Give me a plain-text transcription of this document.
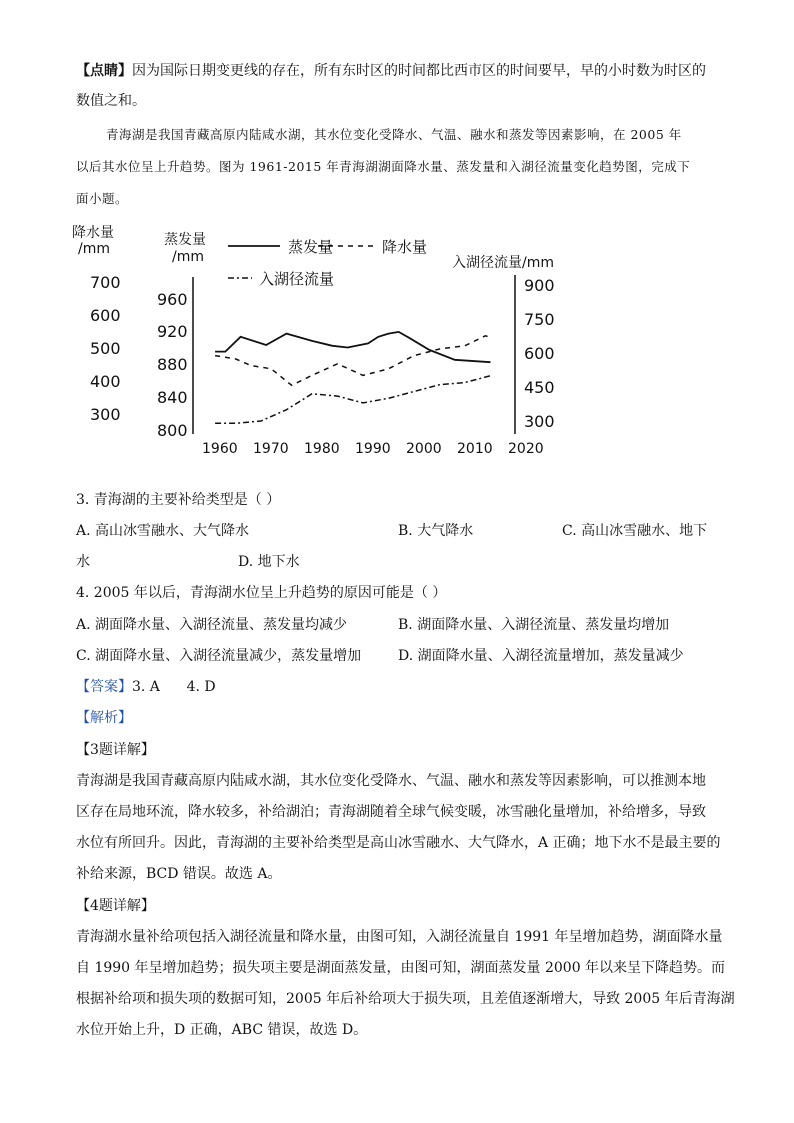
【点睛】因为国际日期变更线的存在，所有东时区的时间都比西市区的时间要早，早的小时数为时区的
数值之和。
青海湖是我国青藏高原内陆咸水湖，其水位变化受降水、气温、融水和蒸发等因素影响，在 2005 年
以后其水位呈上升趋势。图为 1961-2015 年青海湖湖面降水量、蒸发量和入湖径流量变化趋势图，完成下
面小题。
降水量
/mm
蒸发量
/mm	入湖径流量/mm
700
600
500
400
300
960
920
880
840
800
900
750
600
450
300
1960 1970 1980 1990 2000 2010 2020
蒸发量	降水量
入湖径流量
3. 青海湖的主要补给类型是（ ）
A. 高山冰雪融水、大气降水	B. 大气降水	C. 高山冰雪融水、地下
水	D. 地下水
4. 2005 年以后，青海湖水位呈上升趋势的原因可能是（ ）
A. 湖面降水量、入湖径流量、蒸发量均减少	B. 湖面降水量、入湖径流量、蒸发量均增加
C. 湖面降水量、入湖径流量减少，蒸发量增加	D. 湖面降水量、入湖径流量增加，蒸发量减少
【答案】3. A      4. D
【解析】
【3题详解】
青海湖是我国青藏高原内陆咸水湖，其水位变化受降水、气温、融水和蒸发等因素影响，可以推测本地
区存在局地环流，降水较多，补给湖泊；青海湖随着全球气候变暖，冰雪融化量增加，补给增多，导致
水位有所回升。因此，青海湖的主要补给类型是高山冰雪融水、大气降水，A 正确；地下水不是最主要的
补给来源，BCD 错误。故选 A。
【4题详解】
青海湖水量补给项包括入湖径流量和降水量，由图可知，入湖径流量自 1991 年呈增加趋势，湖面降水量
自 1990 年呈增加趋势；损失项主要是湖面蒸发量，由图可知，湖面蒸发量 2000 年以来呈下降趋势。而
根据补给项和损失项的数据可知，2005 年后补给项大于损失项，且差值逐渐增大，导致 2005 年后青海湖
水位开始上升，D 正确，ABC 错误，故选 D。
